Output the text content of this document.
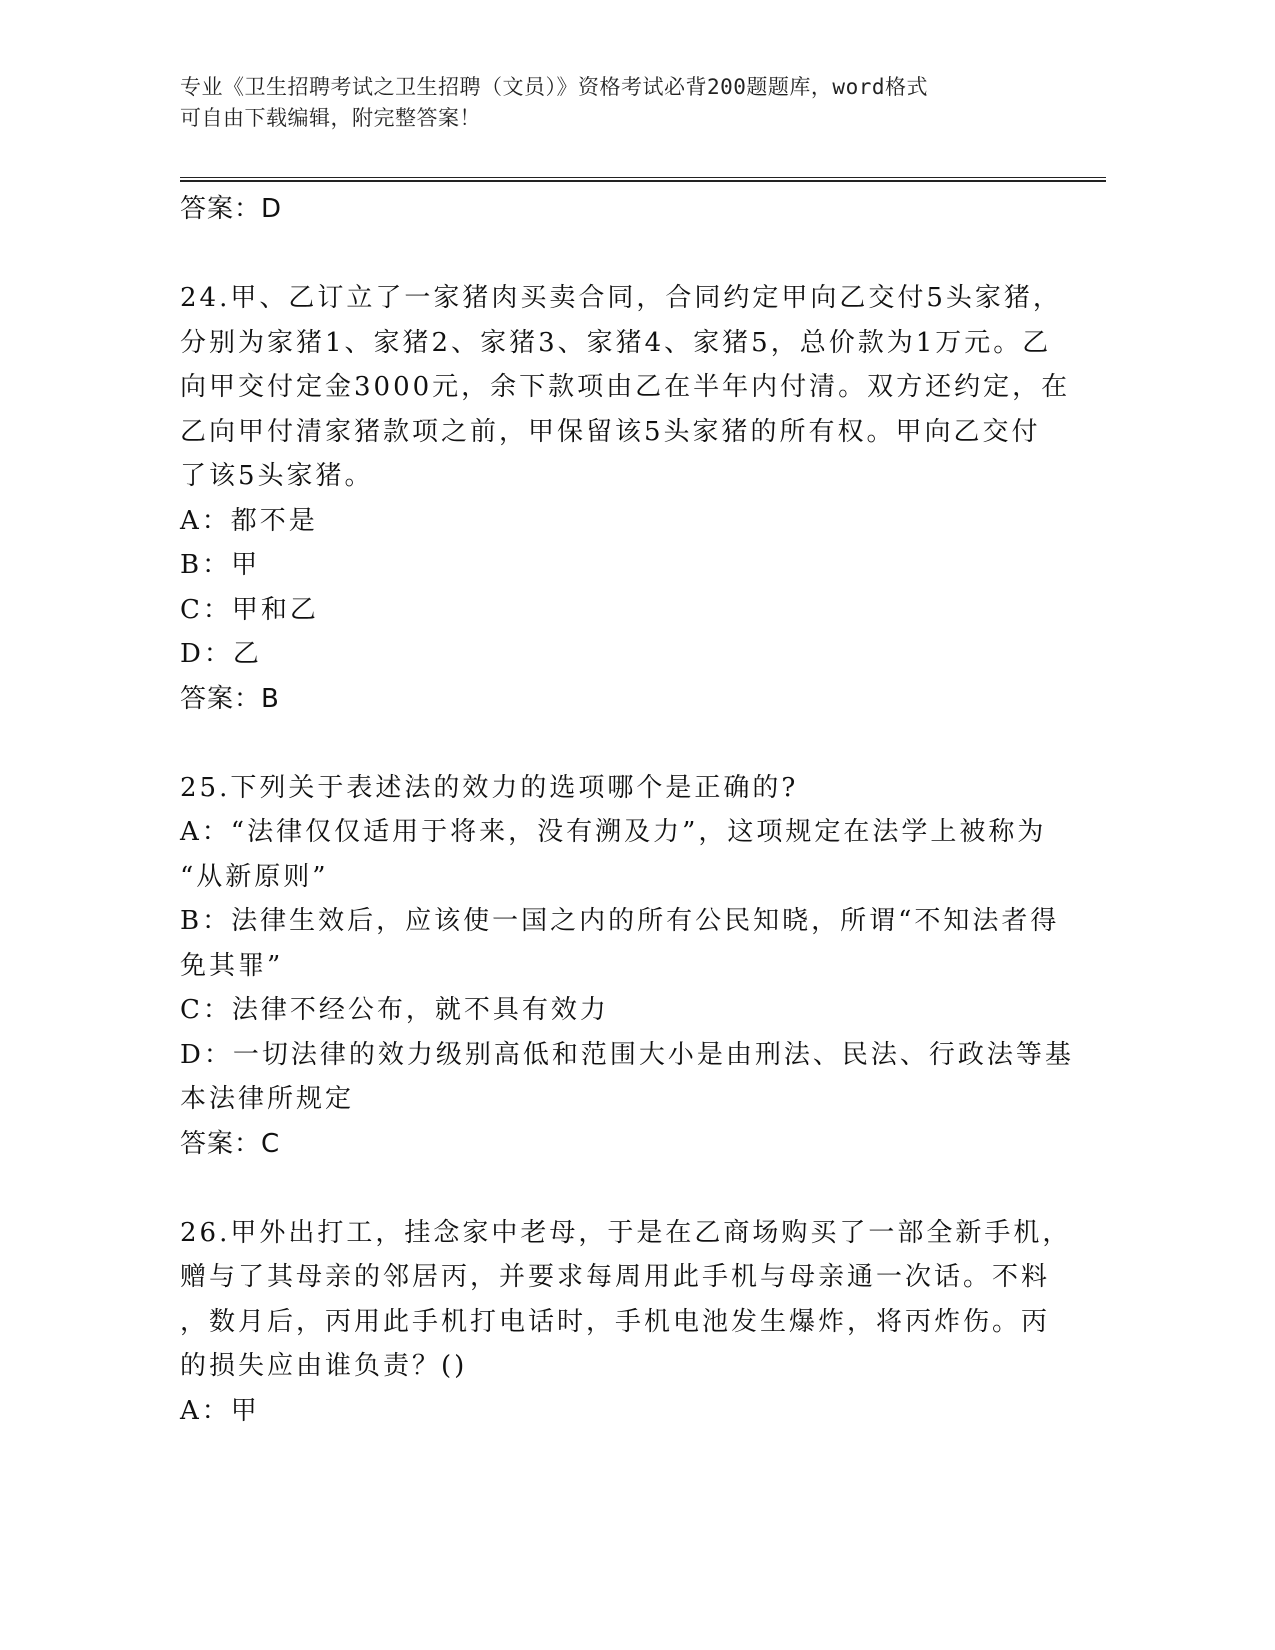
专业《卫生招聘考试之卫生招聘（文员）》资格考试必背200题题库，word格式
可自由下载编辑，附完整答案！
答案：D
24.甲、乙订立了一家猪肉买卖合同，合同约定甲向乙交付5头家猪，
分别为家猪1、家猪2、家猪3、家猪4、家猪5，总价款为1万元。乙
向甲交付定金3000元，余下款项由乙在半年内付清。双方还约定，在
乙向甲付清家猪款项之前，甲保留该5头家猪的所有权。甲向乙交付
了该5头家猪。
A：都不是
B：甲
C：甲和乙
D：乙
答案：B
25.下列关于表述法的效力的选项哪个是正确的?
A：“法律仅仅适用于将来，没有溯及力”，这项规定在法学上被称为
“从新原则”
B：法律生效后，应该使一国之内的所有公民知晓，所谓“不知法者得
免其罪”
C：法律不经公布，就不具有效力
D：一切法律的效力级别高低和范围大小是由刑法、民法、行政法等基
本法律所规定
答案：C
26.甲外出打工，挂念家中老母，于是在乙商场购买了一部全新手机，
赠与了其母亲的邻居丙，并要求每周用此手机与母亲通一次话。不料
，数月后，丙用此手机打电话时，手机电池发生爆炸，将丙炸伤。丙
的损失应由谁负责？()
A：甲
